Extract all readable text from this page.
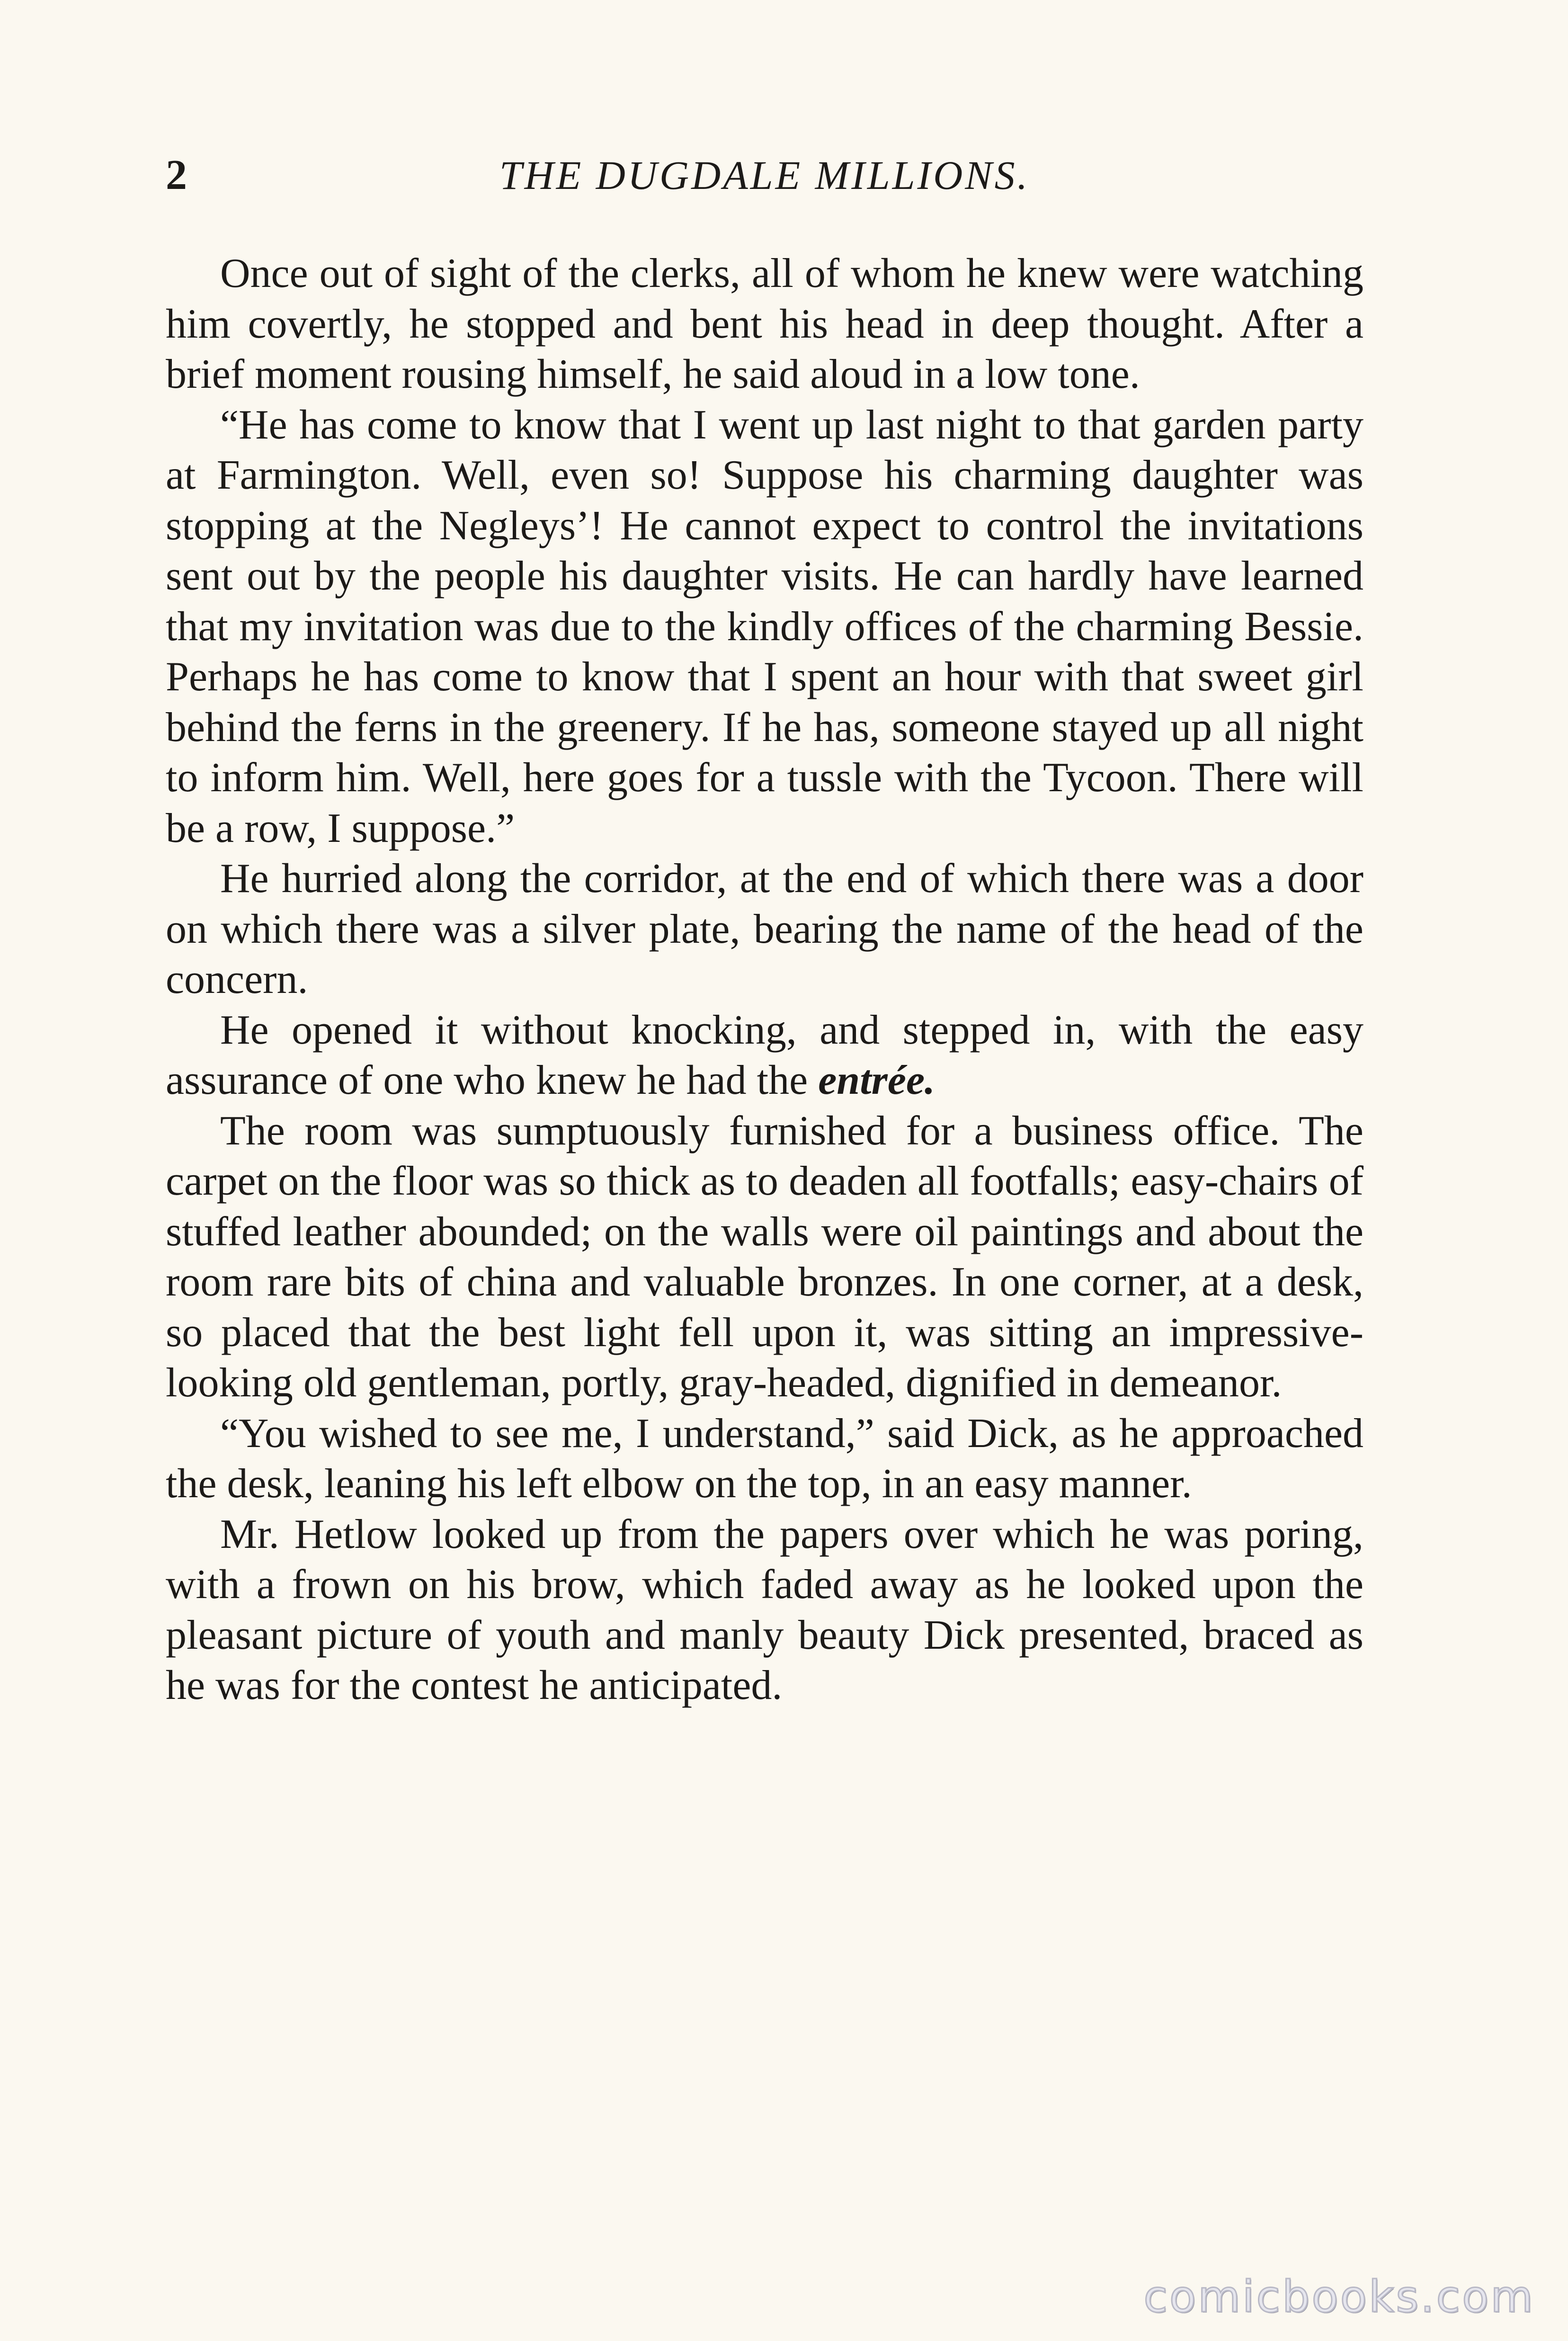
2	THE DUGDALE MILLIONS.

Once out of sight of the clerks, all of whom he knew were watching him covertly, he stopped and bent his head in deep thought. After a brief moment rousing himself, he said aloud in a low tone.

“He has come to know that I went up last night to that garden party at Farmington. Well, even so! Suppose his charming daughter was stopping at the Negleys’! He cannot expect to control the invitations sent out by the people his daughter visits. He can hardly have learned that my invitation was due to the kindly offices of the charming Bessie. Perhaps he has come to know that I spent an hour with that sweet girl behind the ferns in the greenery. If he has, someone stayed up all night to inform him. Well, here goes for a tussle with the Tycoon. There will be a row, I suppose.”

He hurried along the corridor, at the end of which there was a door on which there was a silver plate, bearing the name of the head of the concern.

He opened it without knocking, and stepped in, with the easy assurance of one who knew he had the entrée.

The room was sumptuously furnished for a business office. The carpet on the floor was so thick as to deaden all footfalls; easy-chairs of stuffed leather abounded; on the walls were oil paintings and about the room rare bits of china and valuable bronzes. In one corner, at a desk, so placed that the best light fell upon it, was sitting an impressive-looking old gentleman, portly, gray-headed, dignified in demeanor.

“You wished to see me, I understand,” said Dick, as he approached the desk, leaning his left elbow on the top, in an easy manner.

Mr. Hetlow looked up from the papers over which he was poring, with a frown on his brow, which faded away as he looked upon the pleasant picture of youth and manly beauty Dick presented, braced as he was for the contest he anticipated.

comicbooks.com
